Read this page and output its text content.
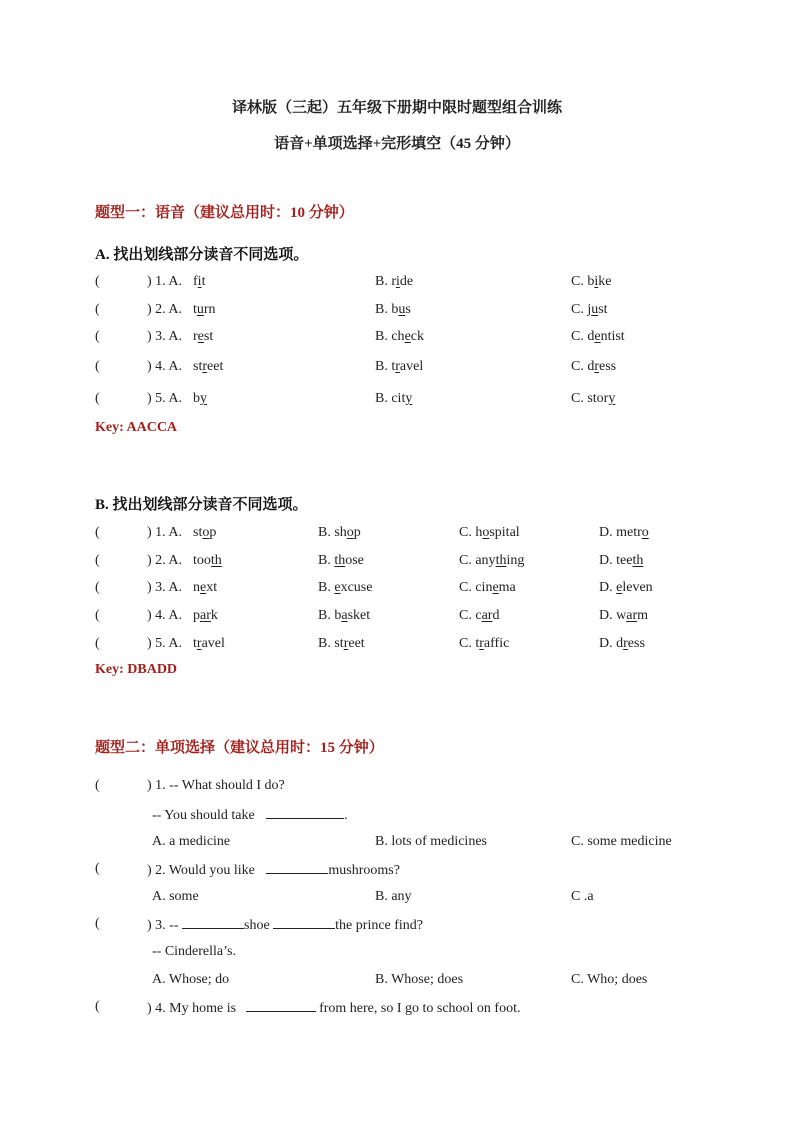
译林版（三起）五年级下册期中限时题型组合训练
语音+单项选择+完形填空（45 分钟）
题型一：语音（建议总用时：10 分钟）
A. 找出划线部分读音不同选项。
(	) 1. A. fit	B. ride	C. bike
(	) 2. A. turn	B. bus	C. just
(	) 3. A. rest	B. check	C. dentist
(	) 4. A. street	B. travel	C. dress
(	) 5. A. by	B. city	C. story
Key: AACCA
B. 找出划线部分读音不同选项。
(	) 1. A. stop	B. shop	C. hospital	D. metro
(	) 2. A. tooth	B. those	C. anything	D. teeth
(	) 3. A. next	B. excuse	C. cinema	D. eleven
(	) 4. A. park	B. basket	C. card	D. warm
(	) 5. A. travel	B. street	C. traffic	D. dress
Key: DBADD
题型二：单项选择（建议总用时：15 分钟）
(	) 1. -- What should I do?
-- You should take	.
A. a medicine	B. lots of medicines	C. some medicine
(	) 2. Would you like	mushrooms?
A. some	B. any	C .a
(	) 3. --	shoe	the prince find?
-- Cinderella’s.
A. Whose; do	B. Whose; does	C. Who; does
(	) 4. My home is	from here, so I go to school on foot.
